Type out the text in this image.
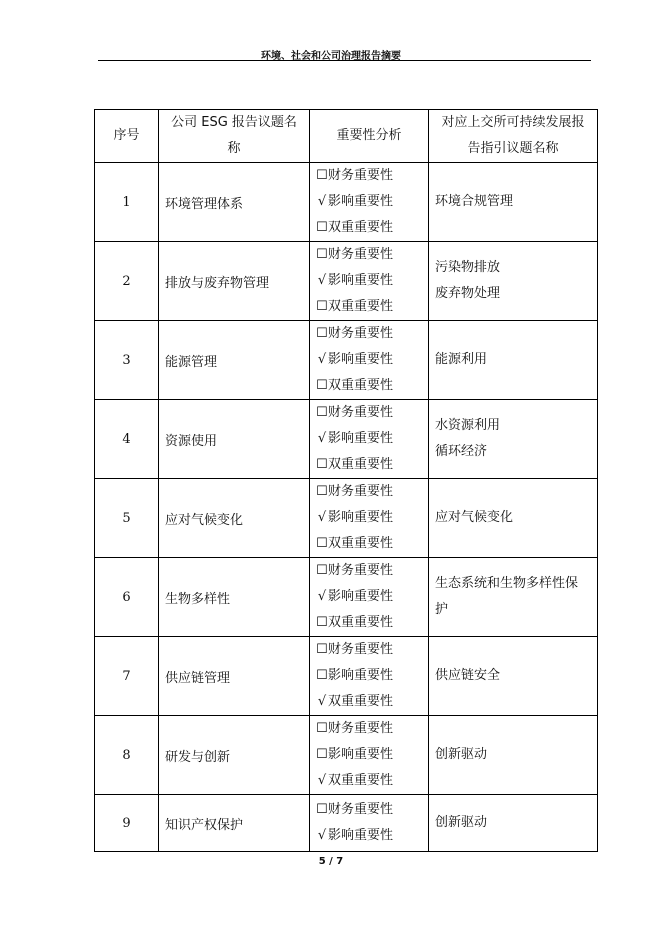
环境、社会和公司治理报告摘要
序号	公司 ESG 报告议题名称	重要性分析	对应上交所可持续发展报
告指引议题名称

1	环境管理体系	☐财务重要性
√ 影响重要性
☐双重重要性	环境合规管理

2	排放与废弃物管理	☐财务重要性
√ 影响重要性
☐双重重要性	污染物排放
废弃物处理

3	能源管理	☐财务重要性
√ 影响重要性
☐双重重要性	能源利用

4	资源使用	☐财务重要性
√ 影响重要性
☐双重重要性	水资源利用
循环经济

5	应对气候变化	☐财务重要性
√ 影响重要性
☐双重重要性	应对气候变化

6	生物多样性	☐财务重要性
√ 影响重要性
☐双重重要性	生态系统和生物多样性保
护

7	供应链管理	☐财务重要性
☐影响重要性
√ 双重重要性	供应链安全

8	研发与创新	☐财务重要性
☐影响重要性
√ 双重重要性	创新驱动

9	知识产权保护	☐财务重要性
√ 影响重要性	创新驱动
5 / 7
